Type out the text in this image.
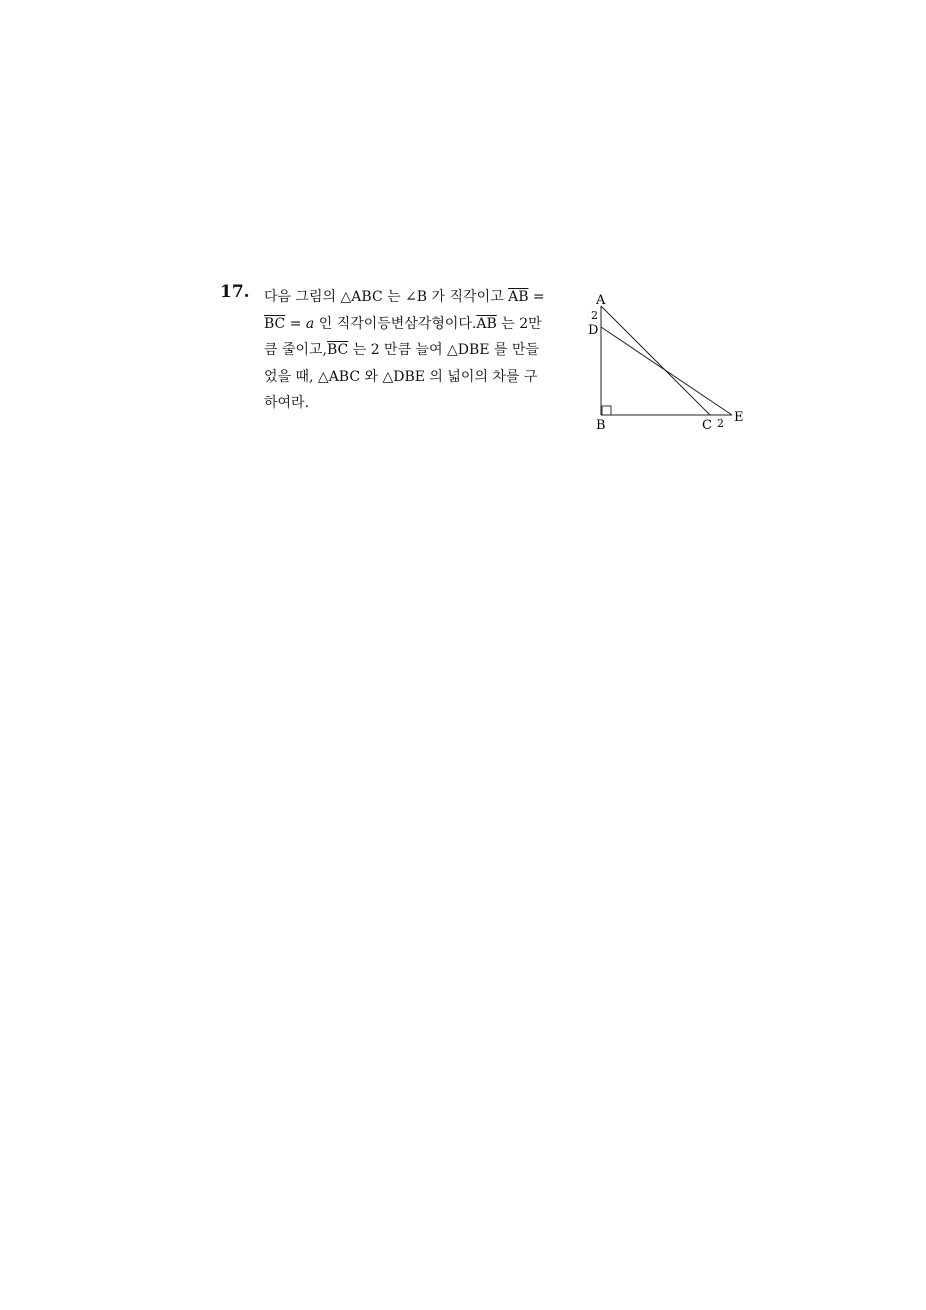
17. 다음 그림의 △ABC 는 ∠B 가 직각이고 $\overline{AB}$ =
$\overline{BC} = a$ 인 직각이등변삼각형이다$.\overline{AB}$ 는 2만
큼 줄이고$,\overline{BC}$ 는 2 만큼 늘여 △DBE 를 만들
었을 때, △ABC 와 △DBE 의 넓이의 차를 구
하여라.
A
2
D
B	C 2 E
